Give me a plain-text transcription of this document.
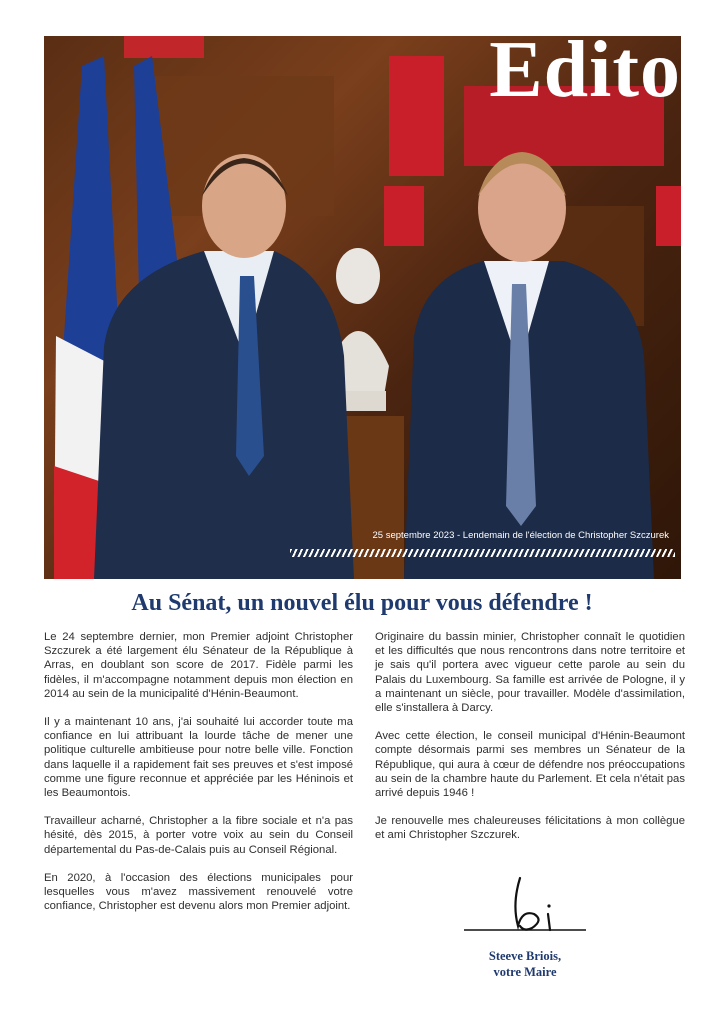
Edito
25 septembre 2023 - Lendemain de l'élection de Christopher Szczurek
Au Sénat, un nouvel élu pour vous défendre !

Le 24 septembre dernier, mon Premier adjoint Christopher Szczurek a été largement élu Sénateur de la République à Arras, en doublant son score de 2017. Fidèle parmi les fidèles, il m'accompagne notamment depuis mon élection en 2014 au sein de la municipalité d'Hénin-Beaumont.

Il y a maintenant 10 ans, j'ai souhaité lui accorder toute ma confiance en lui attribuant la lourde tâche de mener une politique culturelle ambitieuse pour notre belle ville. Fonction dans laquelle il a rapidement fait ses preuves et s'est imposé comme une figure reconnue et appréciée par les Héninois et les Beaumontois.

Travailleur acharné, Christopher a la fibre sociale et n'a pas hésité, dès 2015, à porter votre voix au sein du Conseil départemental du Pas-de-Calais puis au Conseil Régional.

En 2020, à l'occasion des élections municipales pour lesquelles vous m'avez massivement renouvelé votre confiance, Christopher est devenu alors mon Premier adjoint.

Originaire du bassin minier, Christopher connaît le quotidien et les difficultés que nous rencontrons dans notre territoire et je sais qu'il portera avec vigueur cette parole au sein du Palais du Luxembourg. Sa famille est arrivée de Pologne, il y a maintenant un siècle, pour travailler. Modèle d'assimilation, elle s'installera à Darcy.

Avec cette élection, le conseil municipal d'Hénin-Beaumont compte désormais parmi ses membres un Sénateur de la République, qui aura à cœur de défendre nos préoccupations au sein de la chambre haute du Parlement. Et cela n'était pas arrivé depuis 1946 !

Je renouvelle mes chaleureuses félicitations à mon collègue et ami Christopher Szczurek.

Steeve Briois,
votre Maire
